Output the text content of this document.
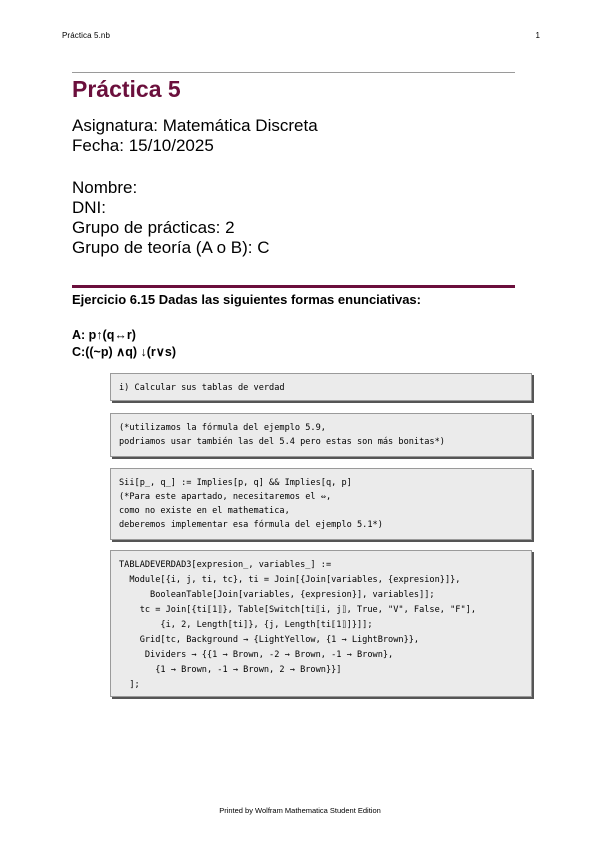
Práctica 5.nb	1
Práctica 5
Asignatura: Matemática Discreta
Fecha: 15/10/2025
Nombre:
DNI:
Grupo de prácticas: 2
Grupo de teoría (A o B): C
Ejercicio 6.15 Dadas las siguientes formas enunciativas:
A: p↑(q↔r)
C:((~p) ∧q) ↓(r∨s)
i) Calcular sus tablas de verdad
(*utilizamos la fórmula del ejemplo 5.9,
podriamos usar también las del 5.4 pero estas son más bonitas*)
Sii[p_, q_] := Implies[p, q] && Implies[q, p]
(*Para este apartado, necesitaremos el ⇔,
como no existe en el mathematica,
deberemos implementar esa fórmula del ejemplo 5.1*)
TABLADEVERDAD3[expresion_, variables_] :=
Module[{i, j, ti, tc}, ti = Join[{Join[variables, {expresion}]},
BooleanTable[Join[variables, {expresion}], variables]];
tc = Join[{ti⟦1⟧}, Table[Switch[ti⟦i, j⟧, True, "V", False, "F"],
{i, 2, Length[ti]}, {j, Length[ti⟦1⟧]}]];
Grid[tc, Background → {LightYellow, {1 → LightBrown}},
Dividers → {{1 → Brown, -2 → Brown, -1 → Brown},
{1 → Brown, -1 → Brown, 2 → Brown}}]
];
Printed by Wolfram Mathematica Student Edition
